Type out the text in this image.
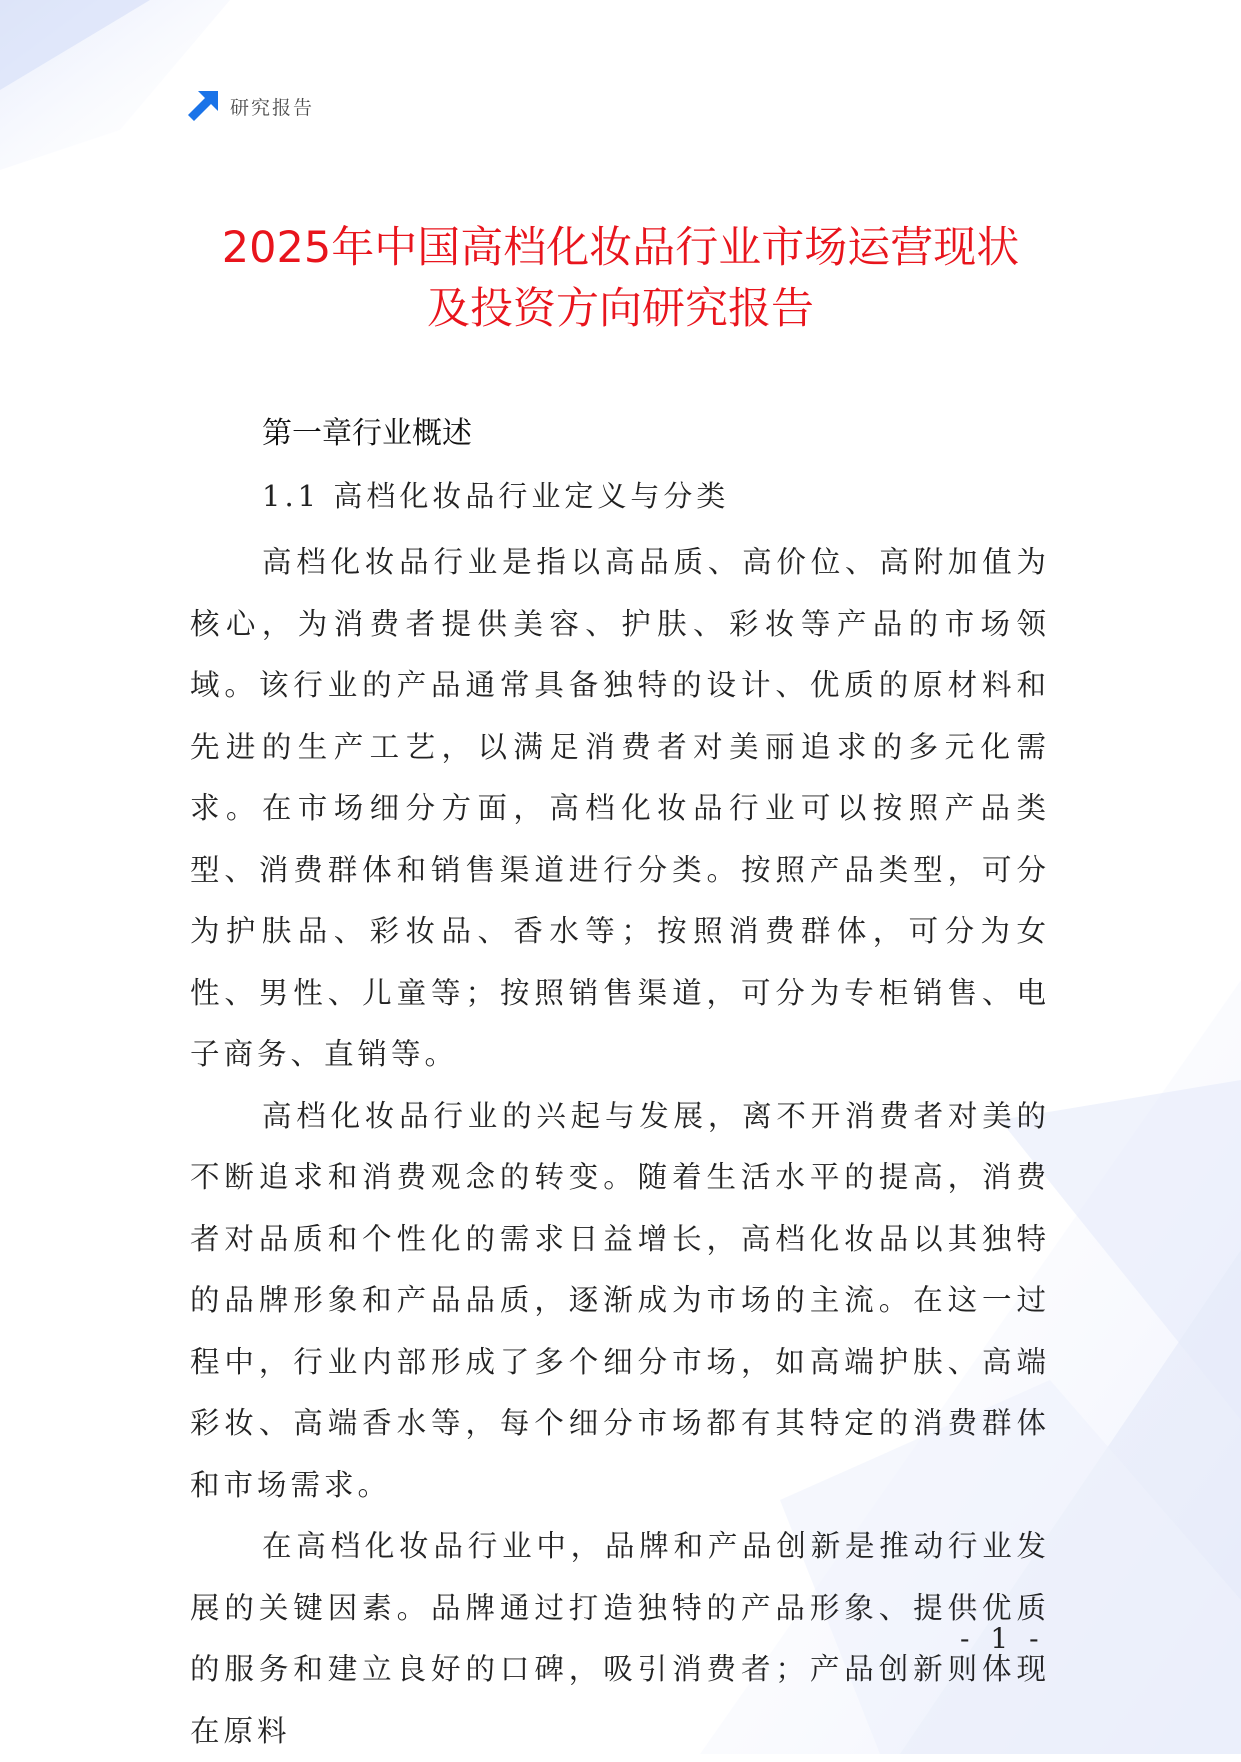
研究报告
2025年中国高档化妆品行业市场运营现状
及投资方向研究报告
第一章行业概述
1.1 高档化妆品行业定义与分类

高档化妆品行业是指以高品质、高价位、高附加值为核心，为消费者提供美容、护肤、彩妆等产品的市场领域。该行业的产品通常具备独特的设计、优质的原材料和先进的生产工艺，以满足消费者对美丽追求的多元化需求。在市场细分方面，高档化妆品行业可以按照产品类型、消费群体和销售渠道进行分类。按照产品类型，可分为护肤品、彩妆品、香水等；按照消费群体，可分为女性、男性、儿童等；按照销售渠道，可分为专柜销售、电子商务、直销等。

高档化妆品行业的兴起与发展，离不开消费者对美的不断追求和消费观念的转变。随着生活水平的提高，消费者对品质和个性化的需求日益增长，高档化妆品以其独特的品牌形象和产品品质，逐渐成为市场的主流。在这一过程中，行业内部形成了多个细分市场，如高端护肤、高端彩妆、高端香水等，每个细分市场都有其特定的消费群体和市场需求。

在高档化妆品行业中，品牌和产品创新是推动行业发展的关键因素。品牌通过打造独特的产品形象、提供优质的服务和建立良好的口碑，吸引消费者；产品创新则体现在原料

- 1 -
